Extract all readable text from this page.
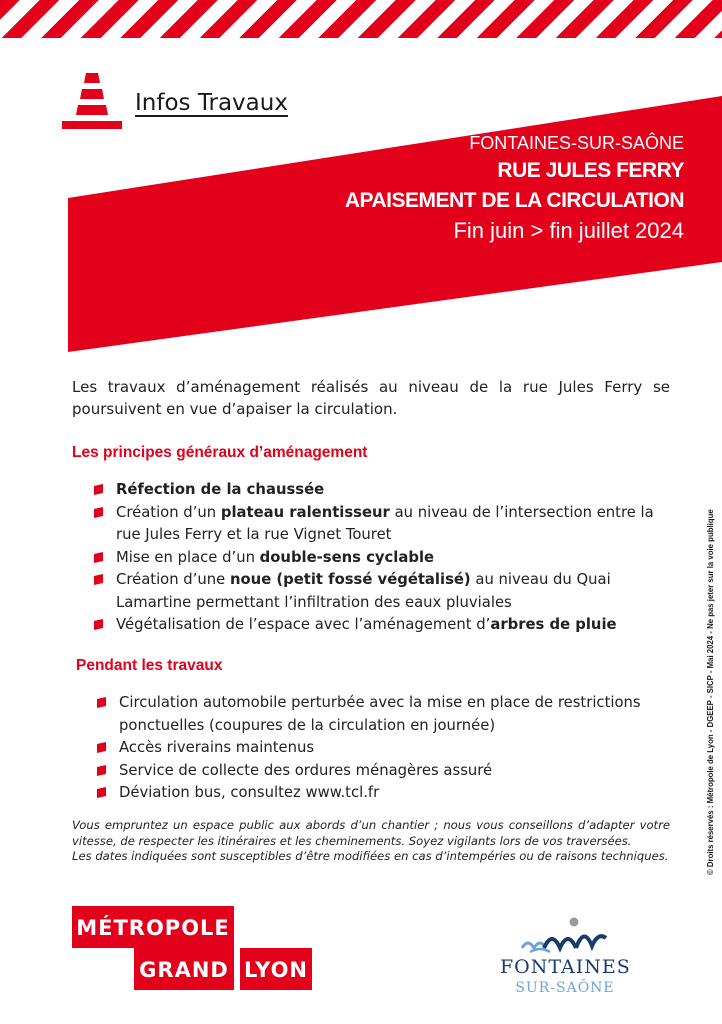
Infos Travaux
FONTAINES-SUR-SAÔNE
RUE JULES FERRY
APAISEMENT DE LA CIRCULATION
Fin juin > fin juillet 2024
Les travaux d’aménagement réalisés au niveau de la rue Jules Ferry se poursuivent en vue d’apaiser la circulation.
Les principes généraux d’aménagement
Réfection de la chaussée
Création d’un plateau ralentisseur au niveau de l’intersection entre la rue Jules Ferry et la rue Vignet Touret
Mise en place d’un double-sens cyclable
Création d’une noue (petit fossé végétalisé) au niveau du Quai Lamartine permettant l’infiltration des eaux pluviales
Végétalisation de l’espace avec l’aménagement d’arbres de pluie
Pendant les travaux
Circulation automobile perturbée avec la mise en place de restrictions ponctuelles (coupures de la circulation en journée)
Accès riverains maintenus
Service de collecte des ordures ménagères assuré
Déviation bus, consultez www.tcl.fr
Vous empruntez un espace public aux abords d’un chantier ; nous vous conseillons d’adapter votre vitesse, de respecter les itinéraires et les cheminements. Soyez vigilants lors de vos traversées.
Les dates indiquées sont susceptibles d’être modifiées en cas d’intempéries ou de raisons techniques.	© Droits réservés : Métropole de Lyon - DGEEP - SICP - Mai 2024 - Ne pas jeter sur la voie publique
MÉTROPOLE
GRAND LYON	FONTAINES
SUR-SAÔNE
